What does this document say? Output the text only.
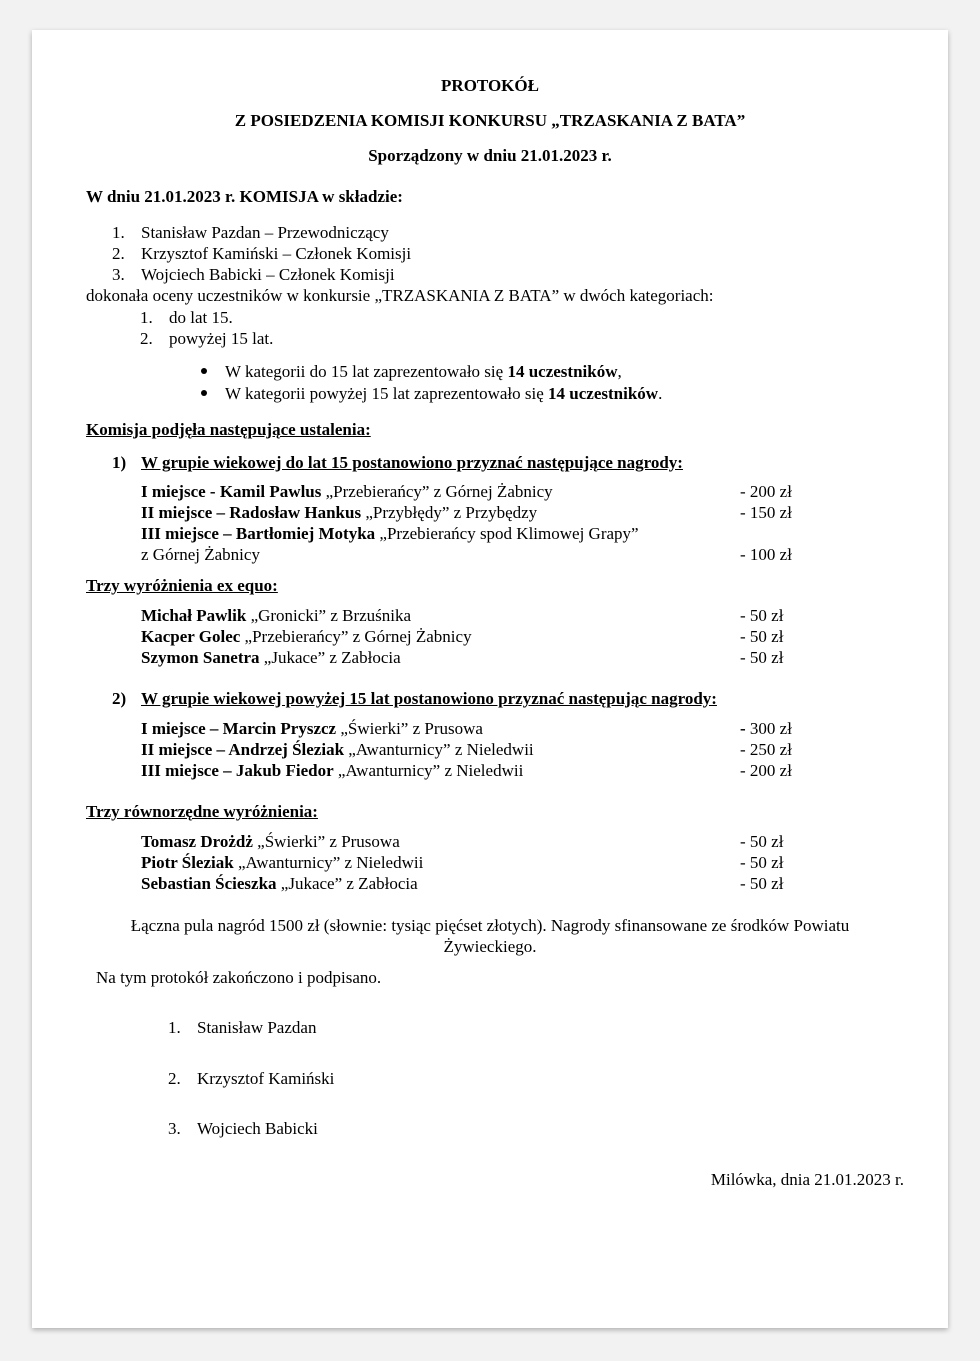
PROTOKÓŁ
Z POSIEDZENIA KOMISJI KONKURSU „TRZASKANIA Z BATA”
Sporządzony w dniu 21.01.2023 r.
W dniu 21.01.2023 r. KOMISJA w składzie:
1. Stanisław Pazdan – Przewodniczący
2. Krzysztof Kamiński – Członek Komisji
3. Wojciech Babicki – Członek Komisji
dokonała oceny uczestników w konkursie „TRZASKANIA Z BATA” w dwóch kategoriach:
1. do lat 15.
2. powyżej 15 lat.
W kategorii do 15 lat zaprezentowało się 14 uczestników,
W kategorii powyżej 15 lat zaprezentowało się 14 uczestników.
Komisja podjęła następujące ustalenia:
1) W grupie wiekowej do lat 15 postanowiono przyznać następujące nagrody:
I miejsce - Kamil Pawlus „Przebierańcy” z Górnej Żabnicy	- 200 zł
II miejsce – Radosław Hankus „Przybłędy” z Przybędzy	- 150 zł
III miejsce – Bartłomiej Motyka „Przebierańcy spod Klimowej Grapy”
z Górnej Żabnicy	- 100 zł
Trzy wyróżnienia ex equo:
Michał Pawlik „Gronicki” z Brzuśnika	- 50 zł
Kacper Golec „Przebierańcy” z Górnej Żabnicy	- 50 zł
Szymon Sanetra „Jukace” z Zabłocia	- 50 zł
2) W grupie wiekowej powyżej 15 lat postanowiono przyznać następując nagrody:
I miejsce – Marcin Pryszcz „Świerki” z Prusowa	- 300 zł
II miejsce – Andrzej Śleziak „Awanturnicy” z Nieledwii	- 250 zł
III miejsce – Jakub Fiedor „Awanturnicy” z Nieledwii	- 200 zł
Trzy równorzędne wyróżnienia:
Tomasz Drożdż „Świerki” z Prusowa	- 50 zł
Piotr Śleziak „Awanturnicy” z Nieledwii	- 50 zł
Sebastian Ścieszka „Jukace” z Zabłocia	- 50 zł
Łączna pula nagród 1500 zł (słownie: tysiąc pięćset złotych). Nagrody sfinansowane ze środków Powiatu
Żywieckiego.
Na tym protokół zakończono i podpisano.
1. Stanisław Pazdan
2. Krzysztof Kamiński
3. Wojciech Babicki
Milówka, dnia 21.01.2023 r.
